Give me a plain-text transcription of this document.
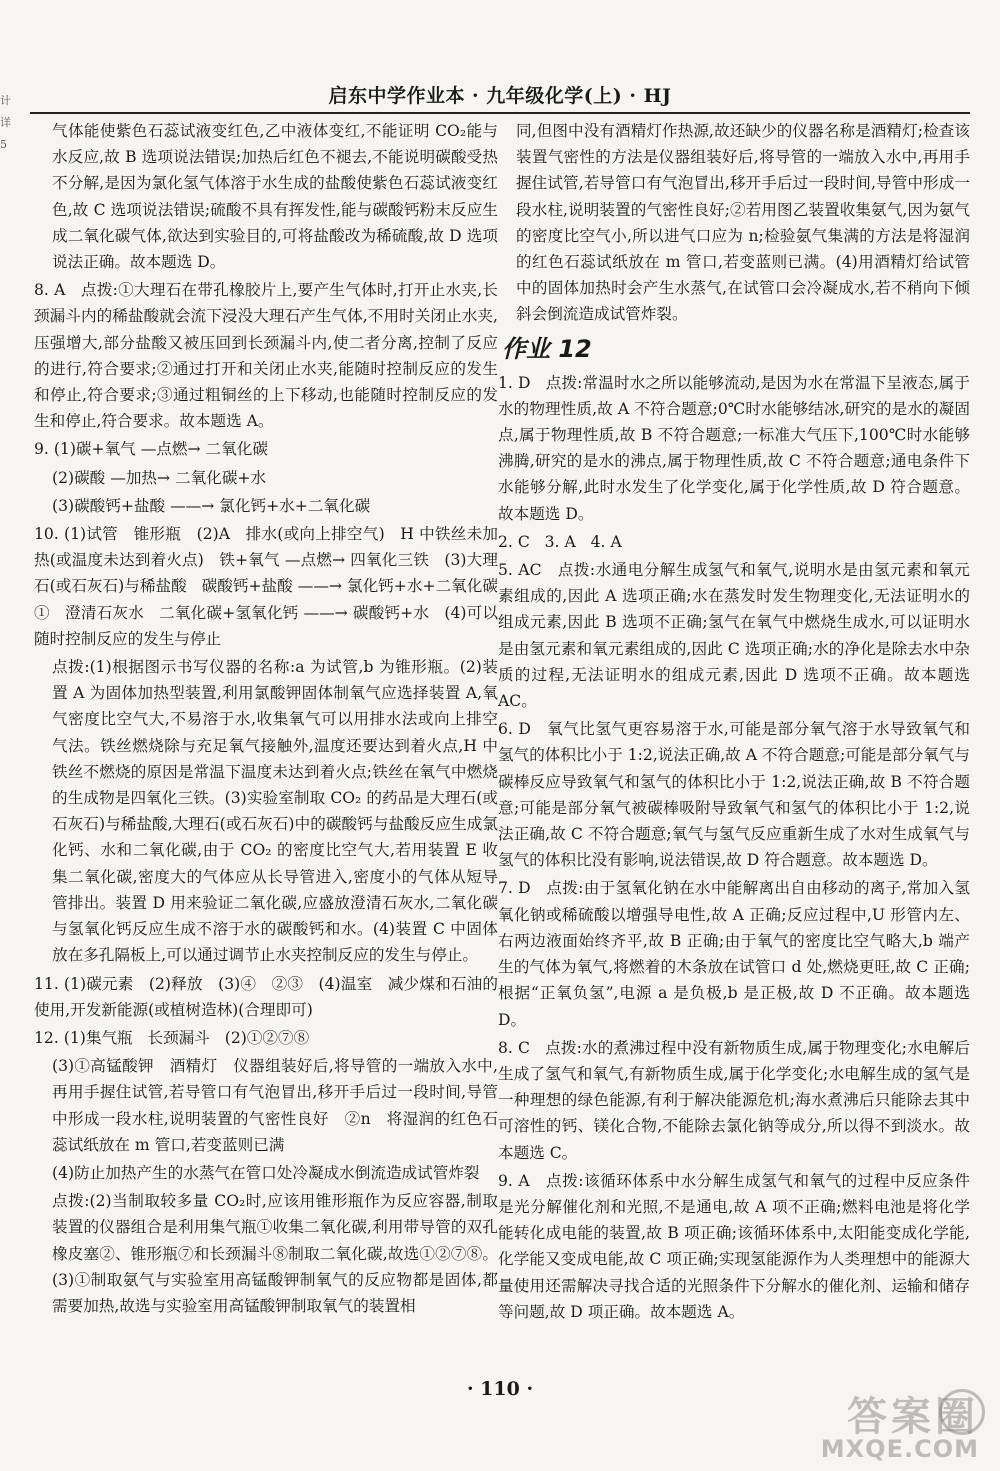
计
详
5
启东中学作业本 · 九年级化学(上) · HJ

气体能使紫色石蕊试液变红色,乙中液体变红,不能证明 CO₂能与水反应,故 B 选项说法错误;加热后红色不褪去,不能说明碳酸受热不分解,是因为氯化氢气体溶于水生成的盐酸使紫色石蕊试液变红色,故 C 选项说法错误;硫酸不具有挥发性,能与碳酸钙粉末反应生成二氧化碳气体,欲达到实验目的,可将盐酸改为稀硫酸,故 D 选项说法正确。故本题选 D。

8. A   点拨:①大理石在带孔橡胶片上,要产生气体时,打开止水夹,长颈漏斗内的稀盐酸就会流下浸没大理石产生气体,不用时关闭止水夹,压强增大,部分盐酸又被压回到长颈漏斗内,使二者分离,控制了反应的进行,符合要求;②通过打开和关闭止水夹,能随时控制反应的发生和停止,符合要求;③通过粗铜丝的上下移动,也能随时控制反应的发生和停止,符合要求。故本题选 A。

9. (1)碳+氧气 —点燃→ 二氧化碳

(2)碳酸 —加热→ 二氧化碳+水

(3)碳酸钙+盐酸 ——→ 氯化钙+水+二氧化碳

10. (1)试管   锥形瓶   (2)A   排水(或向上排空气)   H 中铁丝未加热(或温度未达到着火点)   铁+氧气 —点燃→ 四氧化三铁   (3)大理石(或石灰石)与稀盐酸   碳酸钙+盐酸 ——→ 氯化钙+水+二氧化碳   ①   澄清石灰水   二氧化碳+氢氧化钙 ——→ 碳酸钙+水   (4)可以随时控制反应的发生与停止

点拨:(1)根据图示书写仪器的名称:a 为试管,b 为锥形瓶。(2)装置 A 为固体加热型装置,利用氯酸钾固体制氧气应选择装置 A,氧气密度比空气大,不易溶于水,收集氧气可以用排水法或向上排空气法。铁丝燃烧除与充足氧气接触外,温度还要达到着火点,H 中铁丝不燃烧的原因是常温下温度未达到着火点;铁丝在氧气中燃烧的生成物是四氧化三铁。(3)实验室制取 CO₂ 的药品是大理石(或石灰石)与稀盐酸,大理石(或石灰石)中的碳酸钙与盐酸反应生成氯化钙、水和二氧化碳,由于 CO₂ 的密度比空气大,若用装置 E 收集二氧化碳,密度大的气体应从长导管进入,密度小的气体从短导管排出。装置 D 用来验证二氧化碳,应盛放澄清石灰水,二氧化碳与氢氧化钙反应生成不溶于水的碳酸钙和水。(4)装置 C 中固体放在多孔隔板上,可以通过调节止水夹控制反应的发生与停止。

11. (1)碳元素   (2)释放   (3)④   ②③   (4)温室   减少煤和石油的使用,开发新能源(或植树造林)(合理即可)

12. (1)集气瓶   长颈漏斗   (2)①②⑦⑧

(3)①高锰酸钾   酒精灯   仪器组装好后,将导管的一端放入水中,再用手握住试管,若导管口有气泡冒出,移开手后过一段时间,导管中形成一段水柱,说明装置的气密性良好   ②n   将湿润的红色石蕊试纸放在 m 管口,若变蓝则已满

(4)防止加热产生的水蒸气在管口处冷凝成水倒流造成试管炸裂

点拨:(2)当制取较多量 CO₂时,应该用锥形瓶作为反应容器,制取装置的仪器组合是利用集气瓶①收集二氧化碳,利用带导管的双孔橡皮塞②、锥形瓶⑦和长颈漏斗⑧制取二氧化碳,故选①②⑦⑧。(3)①制取氨气与实验室用高锰酸钾制氧气的反应物都是固体,都需要加热,故选与实验室用高锰酸钾制取氧气的装置相

同,但图中没有酒精灯作热源,故还缺少的仪器名称是酒精灯;检查该装置气密性的方法是仪器组装好后,将导管的一端放入水中,再用手握住试管,若导管口有气泡冒出,移开手后过一段时间,导管中形成一段水柱,说明装置的气密性良好;②若用图乙装置收集氨气,因为氨气的密度比空气小,所以进气口应为 n;检验氨气集满的方法是将湿润的红色石蕊试纸放在 m 管口,若变蓝则已满。(4)用酒精灯给试管中的固体加热时会产生水蒸气,在试管口会冷凝成水,若不稍向下倾斜会倒流造成试管炸裂。

作业 12

1. D   点拨:常温时水之所以能够流动,是因为水在常温下呈液态,属于水的物理性质,故 A 不符合题意;0℃时水能够结冰,研究的是水的凝固点,属于物理性质,故 B 不符合题意;一标准大气压下,100℃时水能够沸腾,研究的是水的沸点,属于物理性质,故 C 不符合题意;通电条件下水能够分解,此时水发生了化学变化,属于化学性质,故 D 符合题意。故本题选 D。

2. C   3. A   4. A

5. AC   点拨:水通电分解生成氢气和氧气,说明水是由氢元素和氧元素组成的,因此 A 选项正确;水在蒸发时发生物理变化,无法证明水的组成元素,因此 B 选项不正确;氢气在氧气中燃烧生成水,可以证明水是由氢元素和氧元素组成的,因此 C 选项正确;水的净化是除去水中杂质的过程,无法证明水的组成元素,因此 D 选项不正确。故本题选 AC。

6. D   氧气比氢气更容易溶于水,可能是部分氧气溶于水导致氧气和氢气的体积比小于 1:2,说法正确,故 A 不符合题意;可能是部分氧气与碳棒反应导致氧气和氢气的体积比小于 1:2,说法正确,故 B 不符合题意;可能是部分氧气被碳棒吸附导致氧气和氢气的体积比小于 1:2,说法正确,故 C 不符合题意;氧气与氢气反应重新生成了水对生成氧气与氢气的体积比没有影响,说法错误,故 D 符合题意。故本题选 D。

7. D   点拨:由于氢氧化钠在水中能解离出自由移动的离子,常加入氢氧化钠或稀硫酸以增强导电性,故 A 正确;反应过程中,U 形管内左、右两边液面始终齐平,故 B 正确;由于氧气的密度比空气略大,b 端产生的气体为氧气,将燃着的木条放在试管口 d 处,燃烧更旺,故 C 正确;根据“正氧负氢”,电源 a 是负极,b 是正极,故 D 不正确。故本题选 D。

8. C   点拨:水的煮沸过程中没有新物质生成,属于物理变化;水电解后生成了氢气和氧气,有新物质生成,属于化学变化;水电解生成的氢气是一种理想的绿色能源,有利于解决能源危机;海水煮沸后只能除去其中可溶性的钙、镁化合物,不能除去氯化钠等成分,所以得不到淡水。故本题选 C。

9. A   点拨:该循环体系中水分解生成氢气和氧气的过程中反应条件是光分解催化剂和光照,不是通电,故 A 项不正确;燃料电池是将化学能转化成电能的装置,故 B 项正确;该循环体系中,太阳能变成化学能,化学能又变成电能,故 C 项正确;实现氢能源作为人类理想中的能源大量使用还需解决寻找合适的光照条件下分解水的催化剂、运输和储存等问题,故 D 项正确。故本题选 A。

· 110 ·
答案圈
MXQE.COM
